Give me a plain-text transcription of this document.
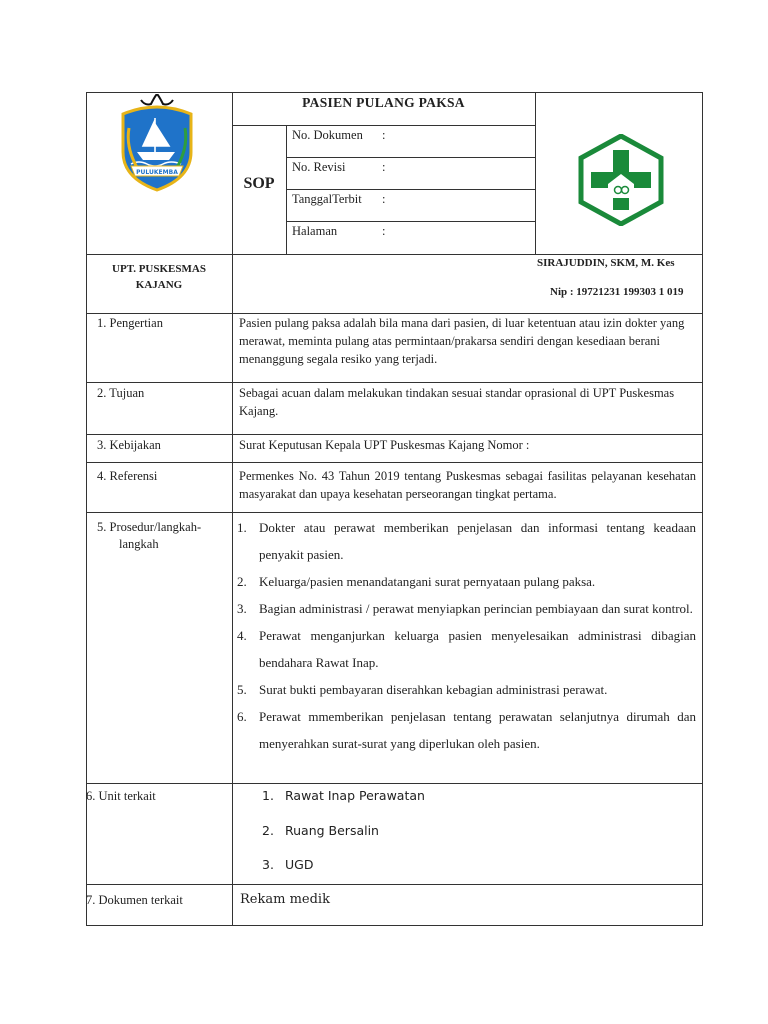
PULUKEMBA
PASIEN PULANG PAKSA
SOP
No. Dokumen :
No. Revisi	:
TanggalTerbit :
Halaman	:
UPT. PUSKESMAS
KAJANG
SIRAJUDDIN, SKM, M. Kes
Nip : 19721231 199303 1 019
1. Pengertian	Pasien pulang paksa adalah bila mana dari pasien, di luar ketentuan atau izin dokter yang merawat, meminta pulang atas permintaan/prakarsa sendiri dengan kesediaan berani menanggung segala resiko yang terjadi.
2. Tujuan	Sebagai acuan dalam melakukan tindakan sesuai standar oprasional di UPT Puskesmas Kajang.
3. Kebijakan	Surat Keputusan Kepala UPT Puskesmas Kajang Nomor :
4. Referensi	Permenkes No. 43 Tahun 2019 tentang Puskesmas sebagai fasilitas pelayanan kesehatan masyarakat dan upaya kesehatan perseorangan tingkat pertama.
5. Prosedur/langkah-
langkah
1. Dokter atau perawat memberikan penjelasan dan informasi tentang keadaan penyakit pasien.
2. Keluarga/pasien menandatangani surat pernyataan pulang paksa.
3. Bagian administrasi / perawat menyiapkan perincian pembiayaan dan surat kontrol.
4. Perawat menganjurkan keluarga pasien menyelesaikan administrasi dibagian bendahara Rawat Inap.
5. Surat bukti pembayaran diserahkan kebagian administrasi perawat.
6. Perawat mmemberikan penjelasan tentang perawatan selanjutnya dirumah dan menyerahkan surat-surat yang diperlukan oleh pasien.
6. Unit terkait	1. Rawat Inap Perawatan
2. Ruang Bersalin
3. UGD
7. Dokumen terkait	Rekam medik
